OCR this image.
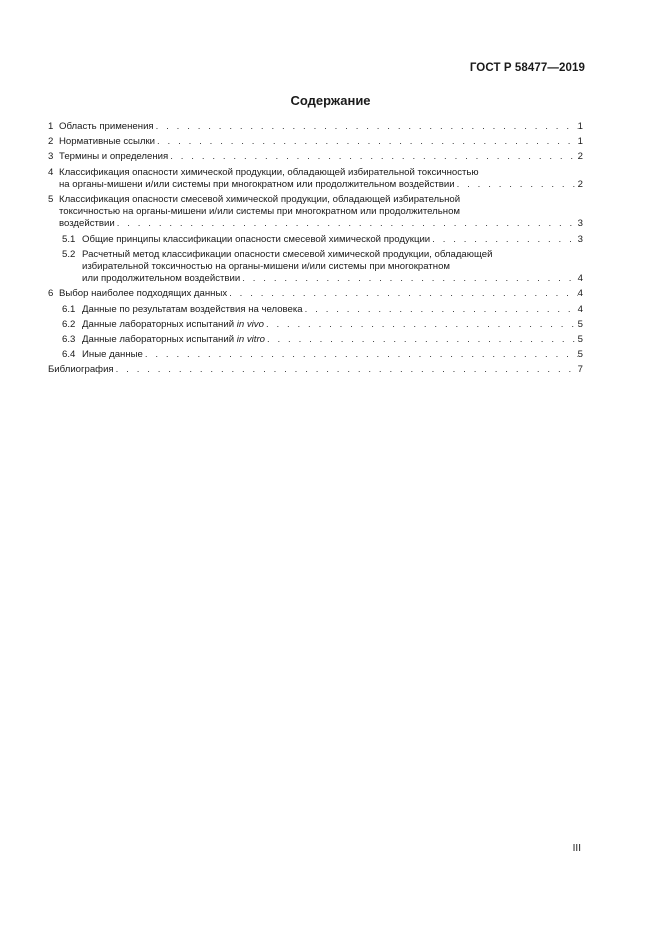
ГОСТ Р 58477—2019
Содержание
1 Область применения . . .	1
2 Нормативные ссылки . . .	1
3 Термины и определения . . .	2
4 Классификация опасности химической продукции, обладающей избирательной токсичностью
на органы-мишени и/или системы при многократном или продолжительном воздействии . . .	2
5 Классификация опасности смесевой химической продукции, обладающей избирательной
токсичностью на органы-мишени и/или системы при многократном или продолжительном
воздействии . . .	3
5.1 Общие принципы классификации опасности смесевой химической продукции . . .	3
5.2 Расчетный метод классификации опасности смесевой химической продукции, обладающей
избирательной токсичностью на органы-мишени и/или системы при многократном
или продолжительном воздействии . . .	4
6 Выбор наиболее подходящих данных . . .	4
6.1 Данные по результатам воздействия на человека . . .	4
6.2 Данные лабораторных испытаний in vivo . . .	5
6.3 Данные лабораторных испытаний in vitro . . .	5
6.4 Иные данные . . .	5
Библиография . . .	7
III
